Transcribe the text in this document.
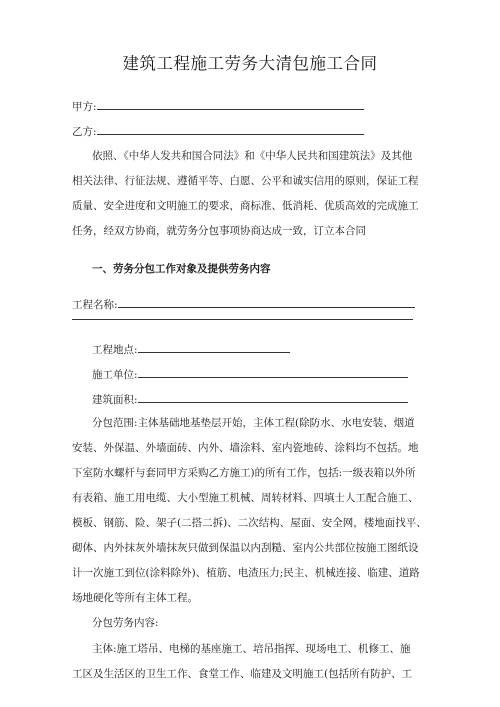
建筑工程施工劳务大清包施工合同
甲方:
乙方:
依照、《中华人发共和国合同法》和《中华人民共和国建筑法》及其他
相关法律、行征法规、遵循平等、白愿、公平和诚实信用的原则，保证工程
质量、安全进度和文明施工的要求，商标准、低消耗、优质高效的完成施工
任务，经双方协商，就劳务分包事项协商达成一致，订立本合同
一、劳务分包工作对象及提供劳务内容
工程名称:
工程地点:
施工单位:
建筑面积:
分包范围:主体基础地基垫层开始，主体工程(除防水、水电安装、烟道
安装、外保温、外墙面砖、内外、墙涂料、室内瓷地砖、涂料均不包括。地
下室防水螺杆与套同甲方采购乙方施工)的所有工作，包括:一级表箱以外所
有表箱、施工用电缆、大小型施工机械、周转材料、四填士人工配合施工、
模板、钢筋、险、架子(二搭二拆)、二次结构、屋面、安全网，楼地面找平、
砌体、内外抹灰外墙抹灰只做到保温以内刮糙、室内公共部位按施工图纸设
计一次施工到位(涂料除外)、植筋、电渣压力;民主、机械连接、临建、道路
场地硬化等所有主体工程。
分包劳务内容:
主体:施工塔吊、电梯的基座施工、培吊指挥、现场电工、机修工、施
工区及生活区的卫生工作、食堂工作、临建及文明施工(包括所有防护、工
